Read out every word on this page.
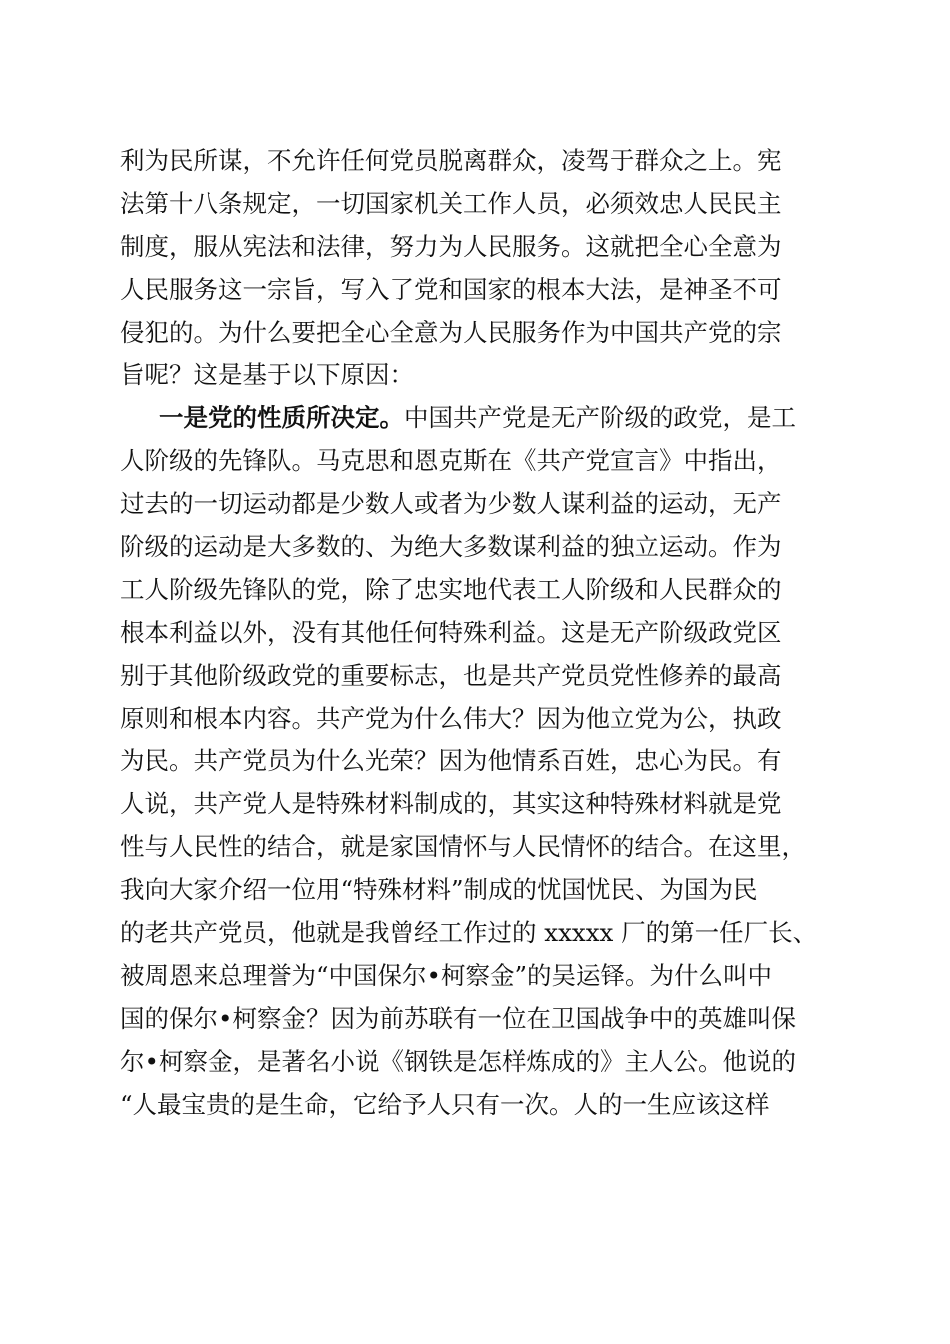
利为民所谋，不允许任何党员脱离群众，凌驾于群众之上。宪
法第十八条规定，一切国家机关工作人员，必须效忠人民民主
制度，服从宪法和法律，努力为人民服务。这就把全心全意为
人民服务这一宗旨，写入了党和国家的根本大法，是神圣不可
侵犯的。为什么要把全心全意为人民服务作为中国共产党的宗
旨呢？这是基于以下原因：
一是党的性质所决定。中国共产党是无产阶级的政党，是工
人阶级的先锋队。马克思和恩克斯在《共产党宣言》中指出，
过去的一切运动都是少数人或者为少数人谋利益的运动，无产
阶级的运动是大多数的、为绝大多数谋利益的独立运动。作为
工人阶级先锋队的党，除了忠实地代表工人阶级和人民群众的
根本利益以外，没有其他任何特殊利益。这是无产阶级政党区
别于其他阶级政党的重要标志，也是共产党员党性修养的最高
原则和根本内容。共产党为什么伟大？因为他立党为公，执政
为民。共产党员为什么光荣？因为他情系百姓，忠心为民。有
人说，共产党人是特殊材料制成的，其实这种特殊材料就是党
性与人民性的结合，就是家国情怀与人民情怀的结合。在这里，
我向大家介绍一位用“特殊材料”制成的忧国忧民、为国为民
的老共产党员，他就是我曾经工作过的 xxxxx 厂的第一任厂长、
被周恩来总理誉为“中国保尔•柯察金”的吴运铎。为什么叫中
国的保尔•柯察金？因为前苏联有一位在卫国战争中的英雄叫保
尔•柯察金，是著名小说《钢铁是怎样炼成的》主人公。他说的
“人最宝贵的是生命，它给予人只有一次。人的一生应该这样
